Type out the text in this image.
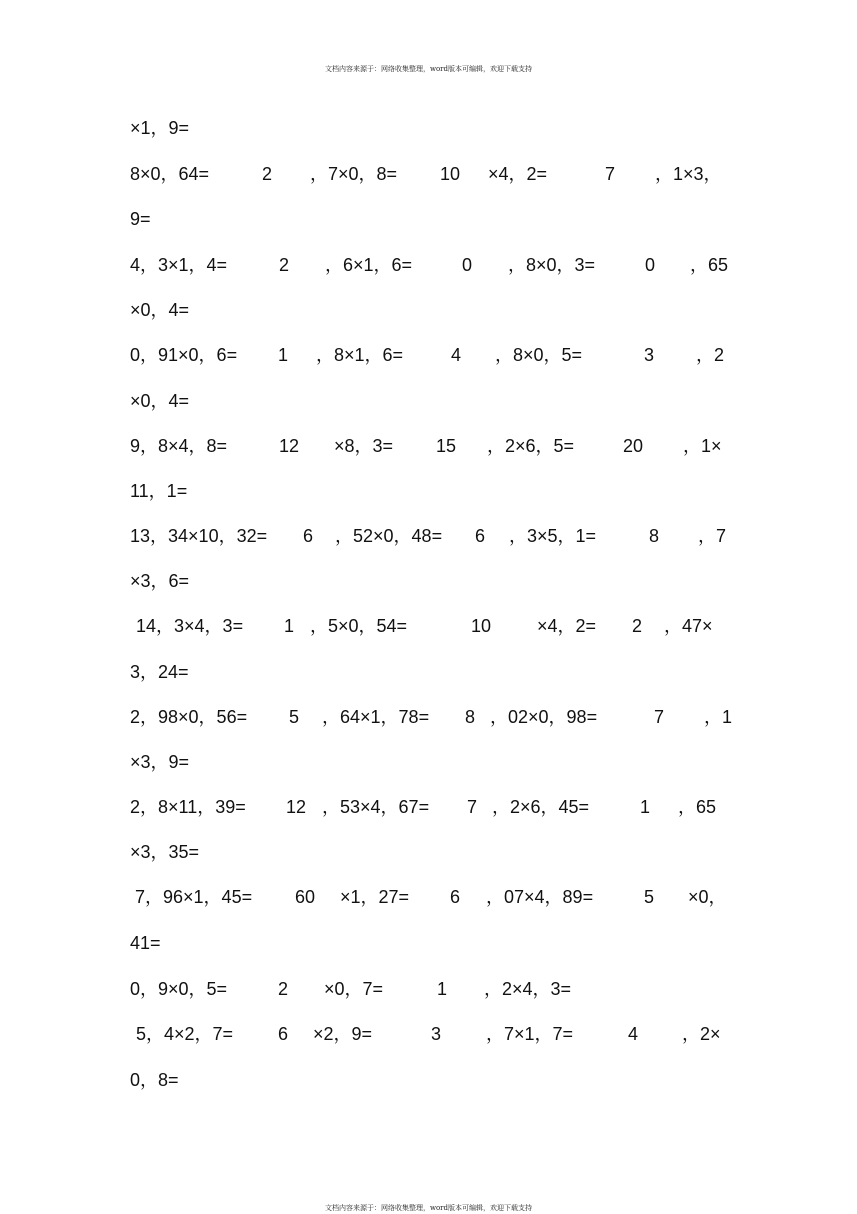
文档内容来源于：网络收集整理，word版本可编辑，欢迎下载支持

×1，9=

8×0，64=

	2

，7×0，8=

10

×4，2=

	7

，1×3，

9=

4，3×1，4=

	2

，6×1，6=

	0

，8×0，3=

	0

，65

×0，4=

0，91×0，6=

1

，8×1，6=

	4

，8×0，5=

	3

，2

×0，4=

9，8×4，8=

	12

×8，3=

15

，2×6，5=

	20

，1×

11，1=

13，34×10，32=

6

，52×0，48=

6

，3×5，1=

	8

，7

×3，6=

14，3×4，3=

1

，5×0，54=

	10

	×4，2=

2

，47×

3，24=

2，98×0，56=

5

，64×1，78=

8

，02×0，98=

	7

，1

×3，9=

2，8×11，39=

12

，53×4，67=

7

，2×6，45=

	1

，65

×3，35=

7，96×1，45=

60

×1，27=

6

，07×4，89=

	5

×0，

41=

0，9×0，5=

	2

×0，7=

	1

，2×4，3=

5，4×2，7=

6

×2，9=

	3

，7×1，7=

	4

，2×

0，8=

文档内容来源于：网络收集整理，word版本可编辑，欢迎下载支持
